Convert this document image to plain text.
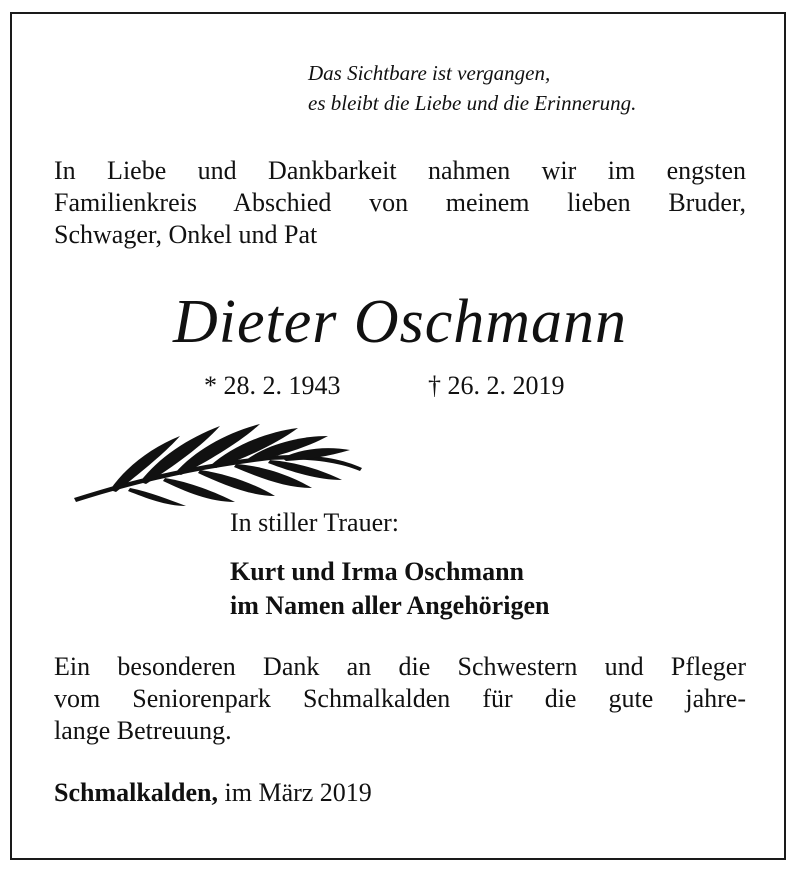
Das Sichtbare ist vergangen,
es bleibt die Liebe und die Erinnerung.
In Liebe und Dankbarkeit nahmen wir im engsten
Familienkreis Abschied von meinem lieben Bruder,
Schwager, Onkel und Pat
Dieter Oschmann
* 28. 2. 1943	† 26. 2. 2019
In stiller Trauer:
Kurt und Irma Oschmann
im Namen aller Angehörigen
Ein besonderen Dank an die Schwestern und Pfleger
vom Seniorenpark Schmalkalden für die gute jahre-
lange Betreuung.
Schmalkalden, im März 2019
